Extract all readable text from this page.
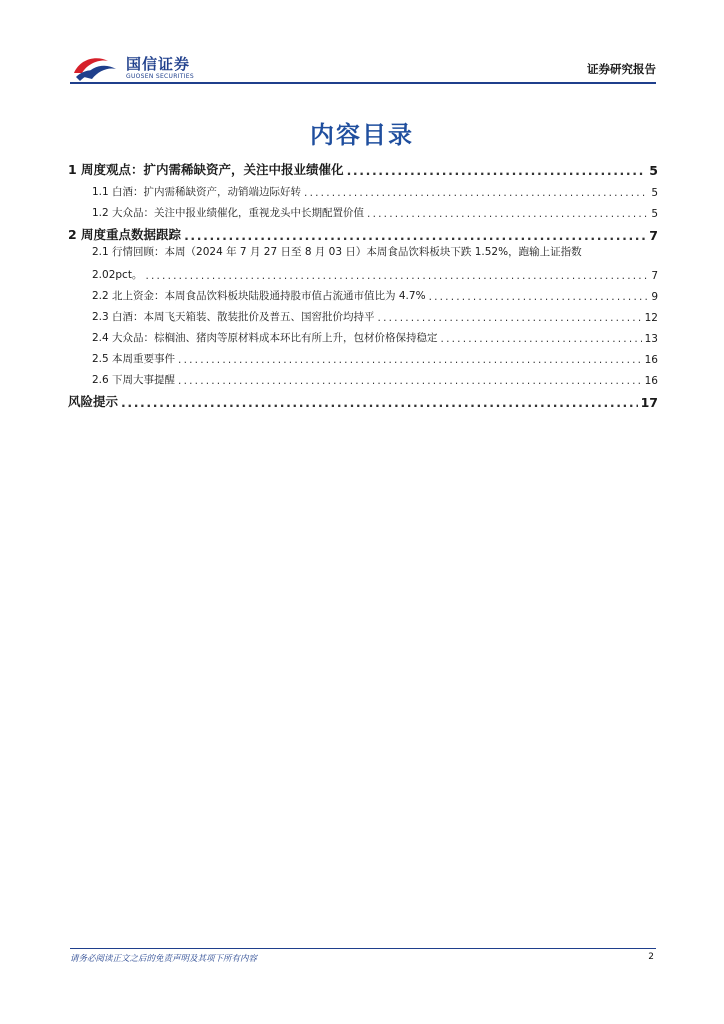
国信证券
GUOSEN SECURITIES
证券研究报告
内容目录
1 周度观点：扩内需稀缺资产，关注中报业绩催化 .....	5
1.1 白酒：扩内需稀缺资产，动销端边际好转 .....	5
1.2 大众品：关注中报业绩催化，重视龙头中长期配置价值 .....	5
2 周度重点数据跟踪 .....	7
2.1 行情回顾：本周（2024 年 7 月 27 日至 8 月 03 日）本周食品饮料板块下跌 1.52%，跑输上证指数
2.02pct。 .....	7
2.2 北上资金：本周食品饮料板块陆股通持股市值占流通市值比为 4.7% .....	9
2.3 白酒：本周飞天箱装、散装批价及普五、国窖批价均持平 .....	12
2.4 大众品：棕榈油、猪肉等原材料成本环比有所上升，包材价格保持稳定 .....	13
2.5 本周重要事件 .....	16
2.6 下周大事提醒 .....	16
风险提示 .....	17
请务必阅读正文之后的免责声明及其项下所有内容	2
